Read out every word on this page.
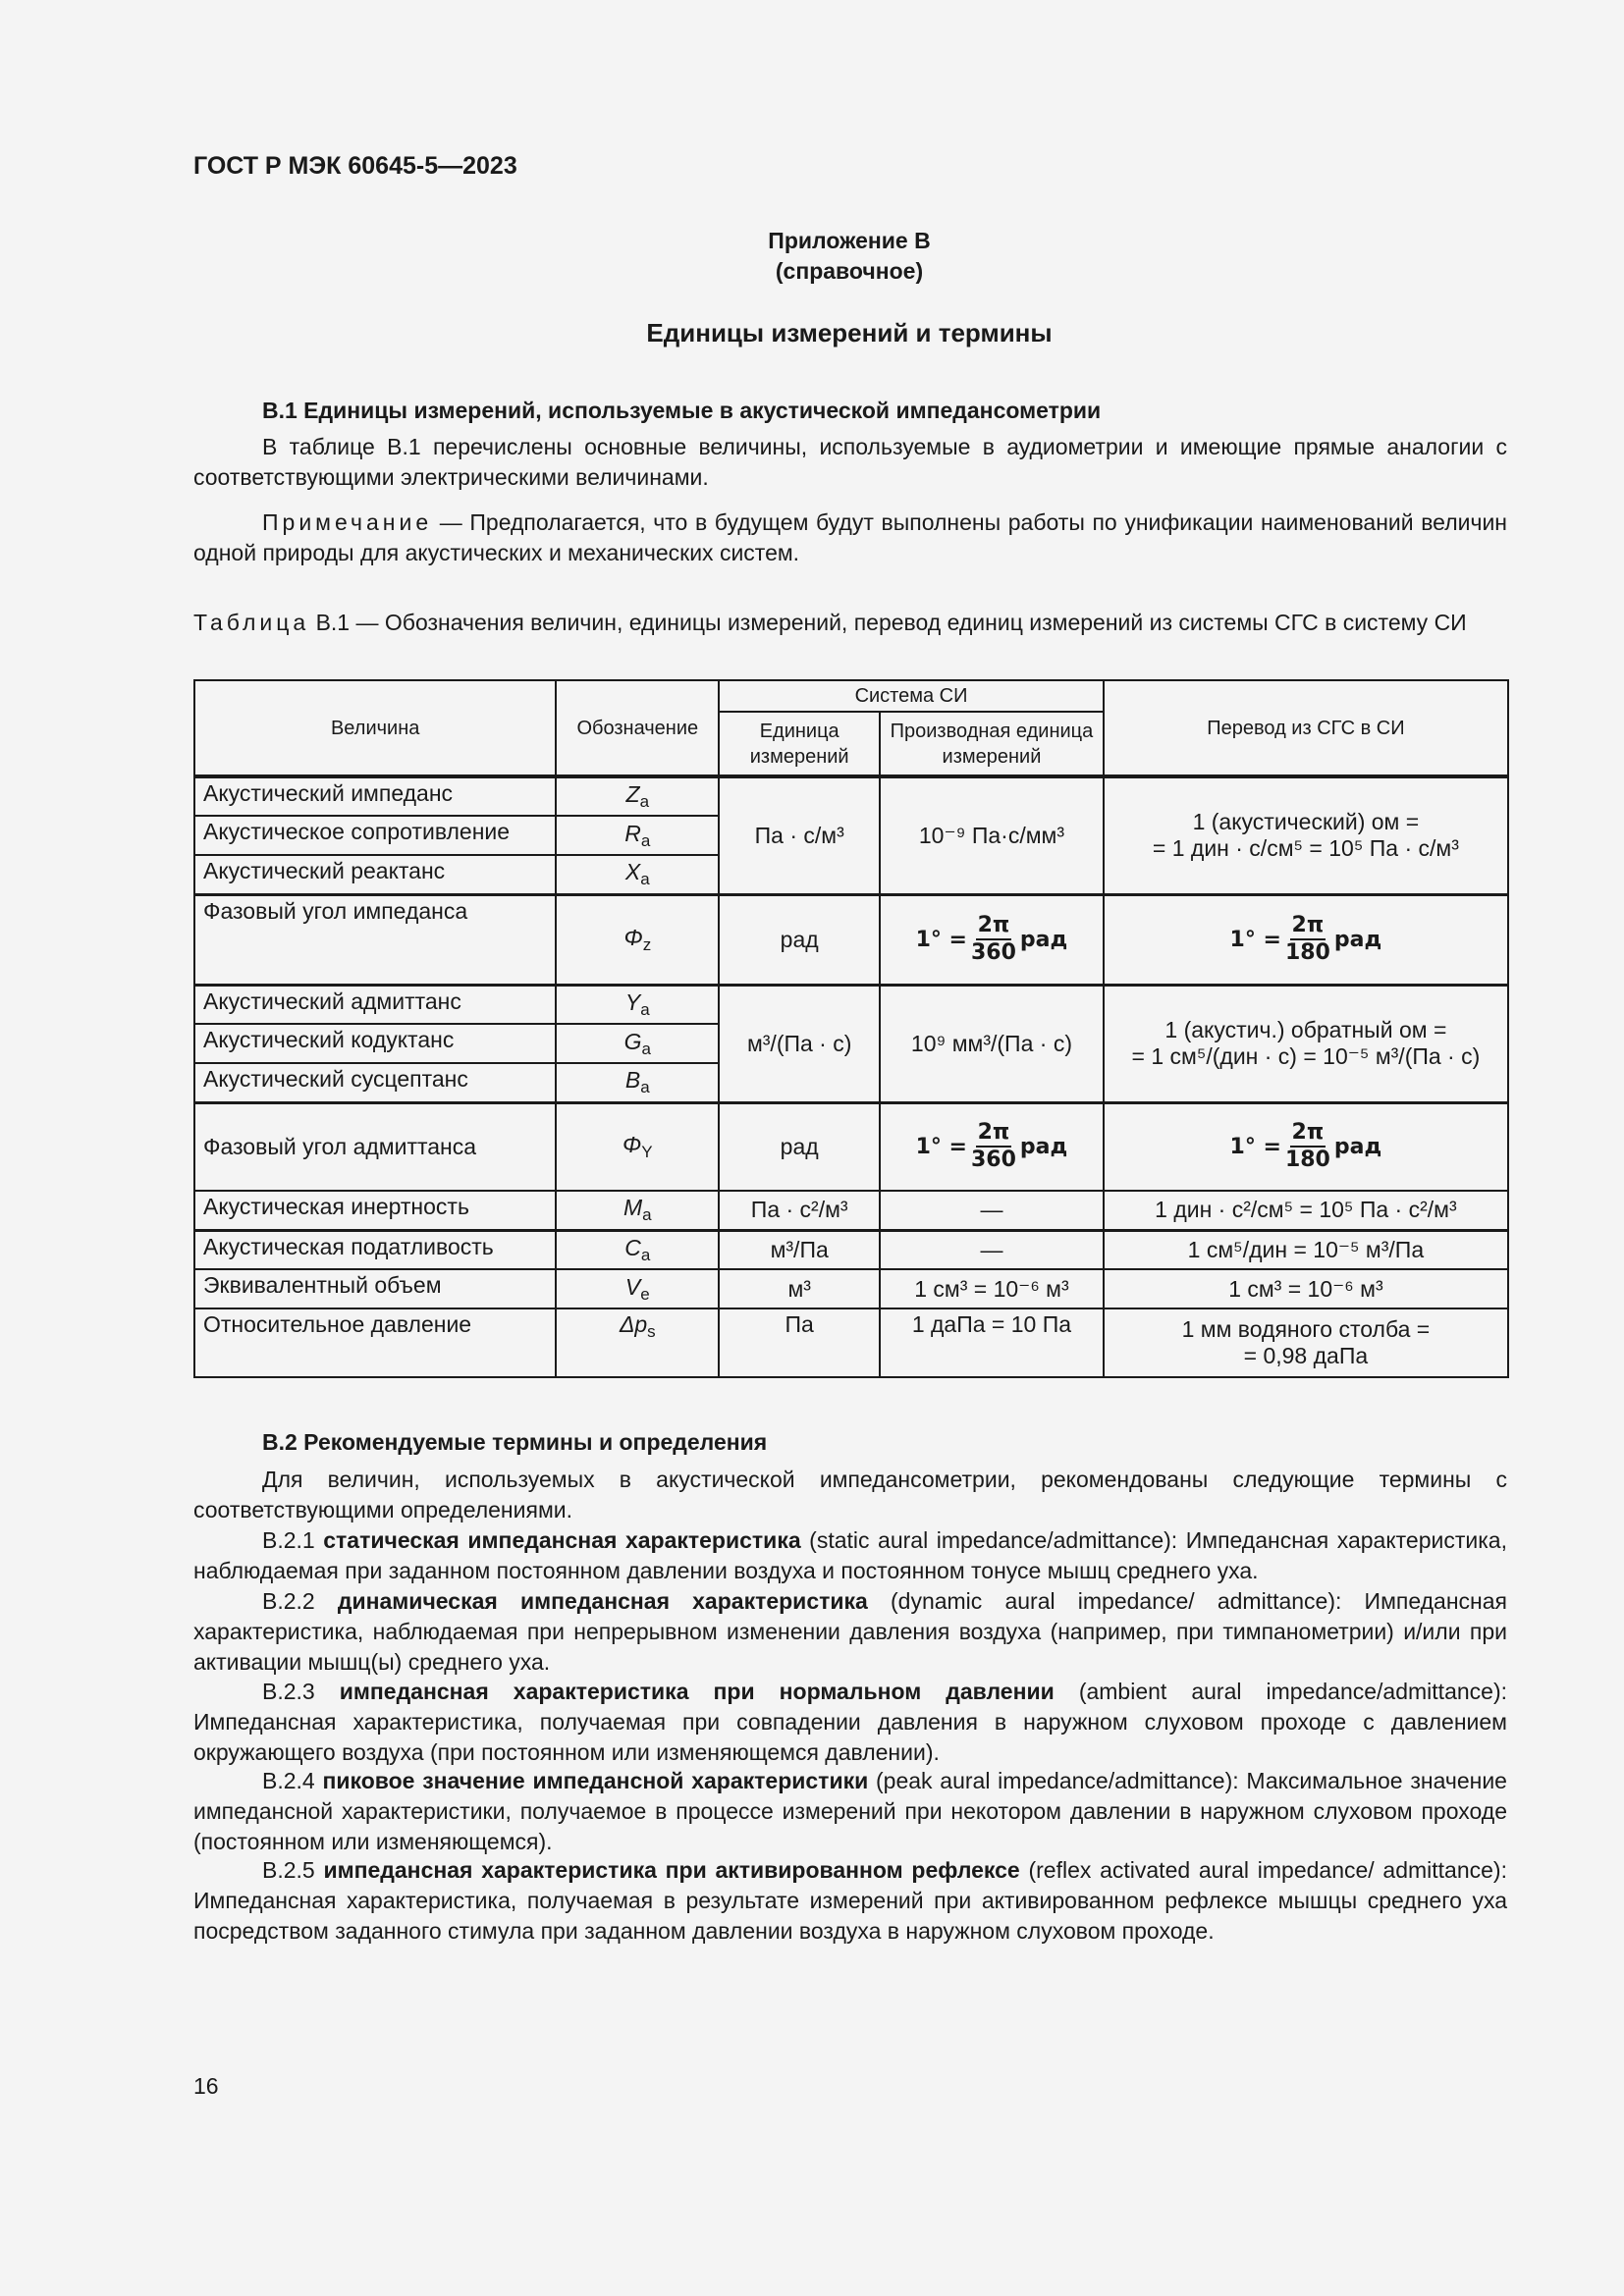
ГОСТ Р МЭК 60645-5—2023
Приложение B
(справочное)
Единицы измерений и термины
В.1 Единицы измерений, используемые в акустической импедансометрии
В таблице В.1 перечислены основные величины, используемые в аудиометрии и имеющие прямые аналогии с соответствующими электрическими величинами.
Примечание — Предполагается, что в будущем будут выполнены работы по унификации наименований величин одной природы для акустических и механических систем.
Таблица В.1 — Обозначения величин, единицы измерений, перевод единиц измерений из системы СГС в систему СИ
Величина	Обозначение	Система СИ		Перевод из СГС в СИ
		Единица измерений	Производная единица измерений	
Акустический импеданс	$Z_a$	Па · с/м³	10⁻⁹ Па·с/мм³	1 (акустический) ом =
= 1 дин · с/см⁵ = 10⁵ Па · с/м³

Акустическое сопротивление	$R_a$
Акустический реактанс	$X_a$
Фазовый угол импеданса	$\Phi_z$	рад	$1^\circ = \frac{2\pi}{360}$ рад	$1^\circ = \frac{2\pi}{180}$ рад

Акустический адмиттанс	$Y_a$	м³/(Па · с)	10⁹ мм³/(Па · с)	1 (акустич.) обратный ом =
= 1 см⁵/(дин · с) = 10⁻⁵ м³/(Па · с)

Акустический кодуктанс	$G_a$
Акустический сусцептанс	$B_a$
Фазовый угол адмиттанса	$\Phi_Y$	рад	$1^\circ = \frac{2\pi}{360}$ рад	$1^\circ = \frac{2\pi}{180}$ рад

Акустическая инертность	$M_a$	Па · с²/м³	—	1 дин · с²/см⁵ = 10⁵ Па · с²/м³
Акустическая податливость	$C_a$	м³/Па	—	1 см⁵/дин = 10⁻⁵ м³/Па
Эквивалентный объем	$V_e$	м³	1 см³ = 10⁻⁶ м³	1 см³ = 10⁻⁶ м³
Относительное давление	$\Delta p_s$	Па	1 даПа = 10 Па	1 мм водяного столба =
= 0,98 даПа
В.2 Рекомендуемые термины и определения
Для величин, используемых в акустической импедансометрии, рекомендованы следующие термины с соответствующими определениями.
В.2.1 статическая импедансная характеристика (static aural impedance/admittance): Импедансная характеристика, наблюдаемая при заданном постоянном давлении воздуха и постоянном тонусе мышц среднего уха.
В.2.2 динамическая импедансная характеристика (dynamic aural impedance/ admittance): Импедансная характеристика, наблюдаемая при непрерывном изменении давления воздуха (например, при тимпанометрии) и/или при активации мышц(ы) среднего уха.
В.2.3 импедансная характеристика при нормальном давлении (ambient aural impedance/admittance): Импедансная характеристика, получаемая при совпадении давления в наружном слуховом проходе с давлением окружающего воздуха (при постоянном или изменяющемся давлении).
В.2.4 пиковое значение импедансной характеристики (peak aural impedance/admittance): Максимальное значение импедансной характеристики, получаемое в процессе измерений при некотором давлении в наружном слуховом проходе (постоянном или изменяющемся).
В.2.5 импедансная характеристика при активированном рефлексе (reflex activated aural impedance/ admittance): Импедансная характеристика, получаемая в результате измерений при активированном рефлексе мышцы среднего уха посредством заданного стимула при заданном давлении воздуха в наружном слуховом проходе.
16
